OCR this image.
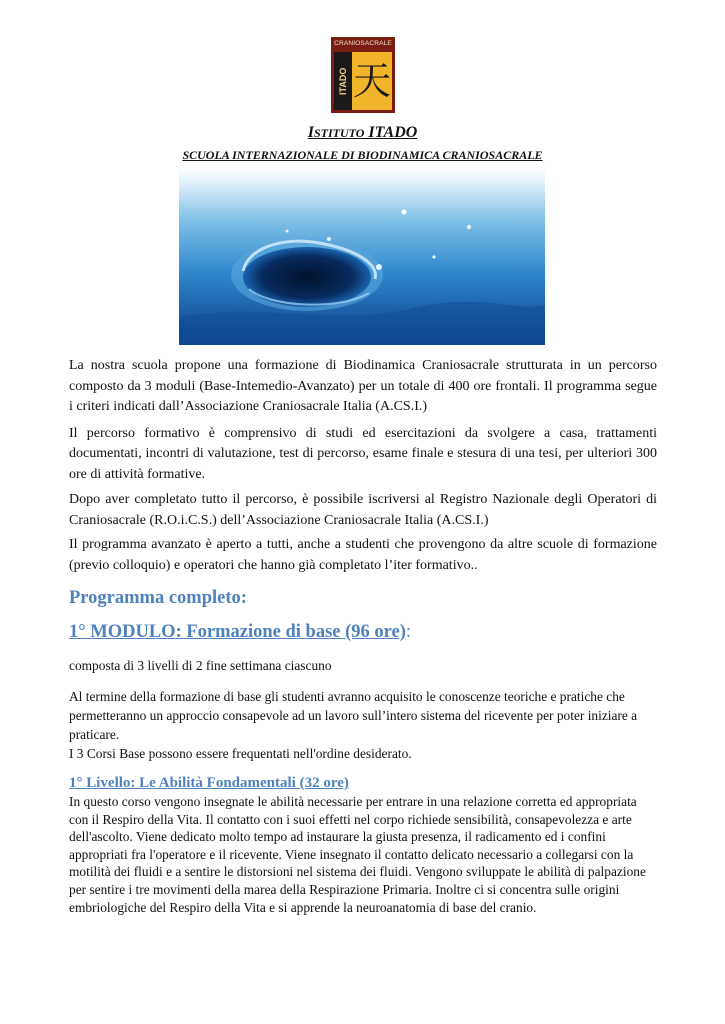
CRANIOSACRALE
ITADO 天
ISTITUTO ITADO
SCUOLA INTERNAZIONALE DI BIODINAMICA CRANIOSACRALE

La nostra scuola propone una formazione di Biodinamica Craniosacrale strutturata in un percorso composto da 3 moduli (Base-Intemedio-Avanzato) per un totale di 400 ore frontali. Il programma segue i criteri indicati dall’Associazione Craniosacrale Italia (A.CS.I.)

Il percorso formativo è comprensivo di studi ed esercitazioni da svolgere a casa, trattamenti documentati, incontri di valutazione, test di percorso, esame finale e stesura di una tesi, per ulteriori 300 ore di attività formative.

Dopo aver completato tutto il percorso, è possibile iscriversi al Registro Nazionale degli Operatori di Craniosacrale (R.O.i.C.S.) dell’Associazione Craniosacrale Italia (A.CS.I.)

Il programma avanzato è aperto a tutti, anche a studenti che provengono da altre scuole di formazione (previo colloquio) e operatori che hanno già completato l’iter formativo..

Programma completo:
1° MODULO: Formazione di base (96 ore):

composta di 3 livelli di 2 fine settimana ciascuno

Al termine della formazione di base gli studenti avranno acquisito le conoscenze teoriche e pratiche che permetteranno un approccio consapevole ad un lavoro sull’intero sistema del ricevente per poter iniziare a praticare.

I 3 Corsi Base possono essere frequentati nell'ordine desiderato.

1° Livello: Le Abilità Fondamentali (32 ore)

In questo corso vengono insegnate le abilità necessarie per entrare in una relazione corretta ed appropriata con il Respiro della Vita. Il contatto con i suoi effetti nel corpo richiede sensibilità, consapevolezza e arte dell'ascolto. Viene dedicato molto tempo ad instaurare la giusta presenza, il radicamento ed i confini appropriati fra l'operatore e il ricevente. Viene insegnato il contatto delicato necessario a collegarsi con la motilità dei fluidi e a sentire le distorsioni nel sistema dei fluidi. Vengono sviluppate le abilità di palpazione per sentire i tre movimenti della marea della Respirazione Primaria. Inoltre ci si concentra sulle origini embriologiche del Respiro della Vita e si apprende la neuroanatomia di base del cranio.
